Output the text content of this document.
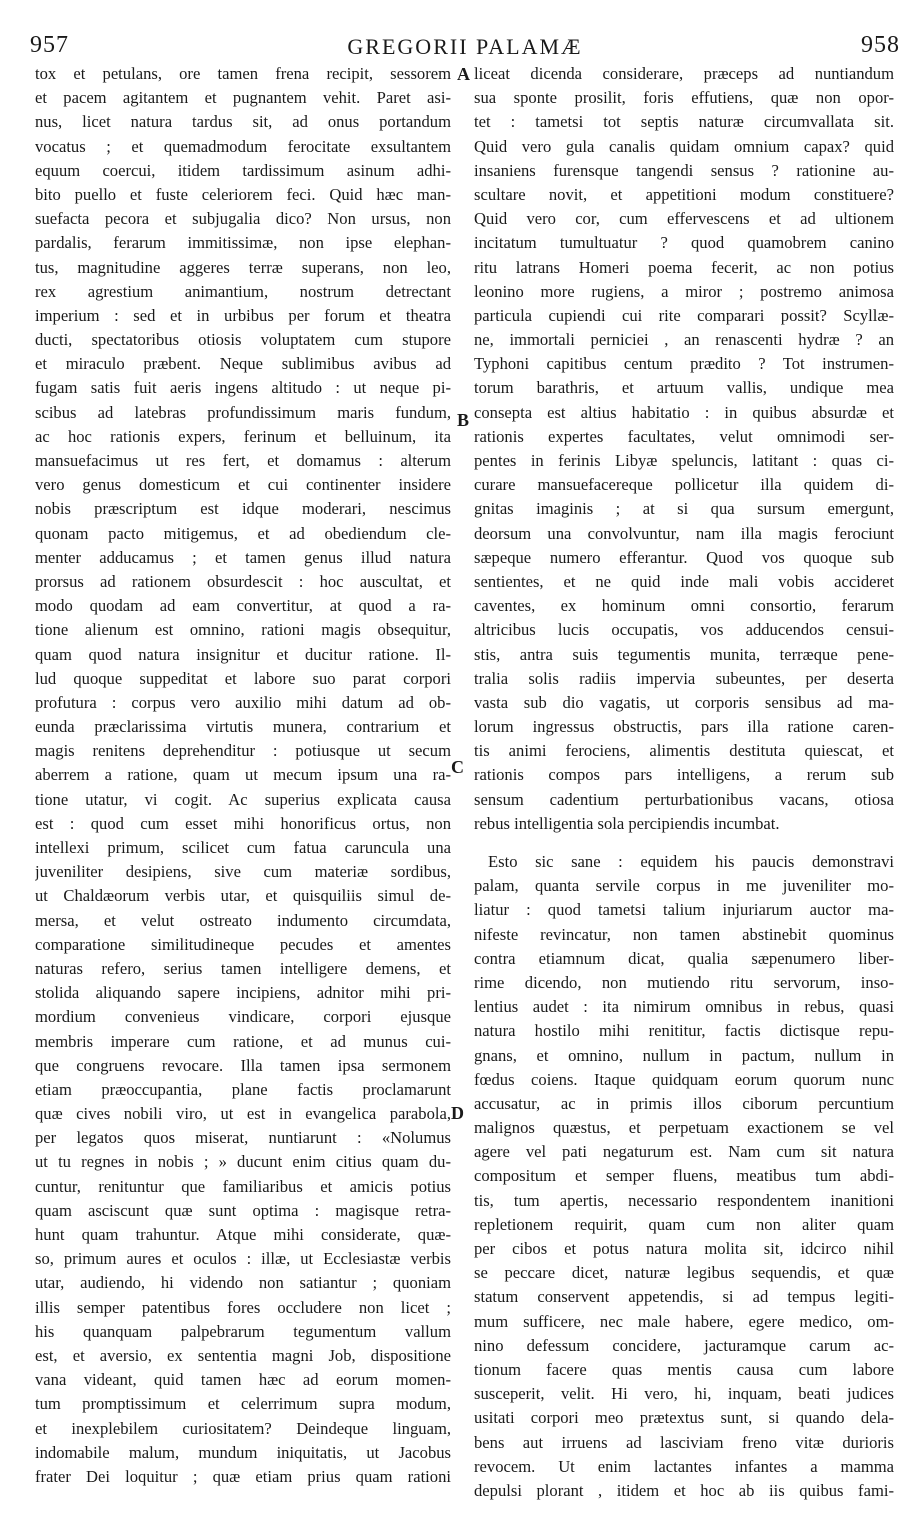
957	GREGORII PALAMÆ	958
tox et petulans, ore tamen frena recipit, sessorem
et pacem agitantem et pugnantem vehit. Paret asi-
nus, licet natura tardus sit, ad onus portandum
vocatus ; et quemadmodum ferocitate exsultantem
equum coercui, itidem tardissimum asinum adhi-
bito puello et fuste celeriorem feci. Quid hæc man-
suefacta pecora et subjugalia dico? Non ursus, non
pardalis, ferarum immitissimæ, non ipse elephan-
tus, magnitudine aggeres terræ superans, non leo,
rex agrestium animantium, nostrum detrectant
imperium : sed et in urbibus per forum et theatra
ducti, spectatoribus otiosis voluptatem cum stupore
et miraculo præbent. Neque sublimibus avibus ad
fugam satis fuit aeris ingens altitudo : ut neque pi-
scibus ad latebras profundissimum maris fundum,
ac hoc rationis expers, ferinum et belluinum, ita
mansuefacimus ut res fert, et domamus : alterum
vero genus domesticum et cui continenter insidere
nobis præscriptum est idque moderari, nescimus
quonam pacto mitigemus, et ad obediendum cle-
menter adducamus ; et tamen genus illud natura
prorsus ad rationem obsurdescit : hoc auscultat, et
modo quodam ad eam convertitur, at quod a ra-
tione alienum est omnino, rationi magis obsequitur,
quam quod natura insignitur et ducitur ratione. Il-
lud quoque suppeditat et labore suo parat corpori
profutura : corpus vero auxilio mihi datum ad ob-
eunda præclarissima virtutis munera, contrarium et
magis renitens deprehenditur : potiusque ut secum
aberrem a ratione, quam ut mecum ipsum una ra-
tione utatur, vi cogit. Ac superius explicata causa
est : quod cum esset mihi honorificus ortus, non
intellexi primum, scilicet cum fatua caruncula una
juveniliter desipiens, sive cum materiæ sordibus,
ut Chaldæorum verbis utar, et quisquiliis simul de-
mersa, et velut ostreato indumento circumdata,
comparatione similitudineque pecudes et amentes
naturas refero, serius tamen intelligere demens, et
stolida aliquando sapere incipiens, adnitor mihi pri-
mordium convenieus vindicare, corpori ejusque
membris imperare cum ratione, et ad munus cui-
que congruens revocare. Illa tamen ipsa sermonem
etiam præoccupantia, plane factis proclamarunt
quæ cives nobili viro, ut est in evangelica parabola,
per legatos quos miserat, nuntiarunt : «Nolumus
ut tu regnes in nobis ; » ducunt enim citius quam du-
cuntur, renituntur que familiaribus et amicis potius
quam asciscunt quæ sunt optima : magisque retra-
hunt quam trahuntur. Atque mihi considerate, quæ-
so, primum aures et oculos : illæ, ut Ecclesiastæ verbis
utar, audiendo, hi videndo non satiantur ; quoniam
illis semper patentibus fores occludere non licet ;
his quanquam palpebrarum tegumentum vallum
est, et aversio, ex sententia magni Job, dispositione
vana videant, quid tamen hæc ad eorum momen-
tum promptissimum et celerrimum supra modum,
et inexplebilem curiositatem? Deindeque linguam,
indomabile malum, mundum iniquitatis, ut Jacobus
frater Dei loquitur ; quæ etiam prius quam rationi
liceat dicenda considerare, præceps ad nuntiandum
sua sponte prosilit, foris effutiens, quæ non opor-
tet : tametsi tot septis naturæ circumvallata sit.
Quid vero gula canalis quidam omnium capax? quid
insaniens furensque tangendi sensus ? rationine au-
scultare novit, et appetitioni modum constituere?
Quid vero cor, cum effervescens et ad ultionem
incitatum tumultuatur ? quod quamobrem canino
ritu latrans Homeri poema fecerit, ac non potius
leonino more rugiens, a miror ; postremo animosa
particula cupiendi cui rite comparari possit? Scyllæ-
ne, immortali perniciei , an renascenti hydræ ? an
Typhoni capitibus centum prædito ? Tot instrumen-
torum barathris, et artuum vallis, undique mea
consepta est altius habitatio : in quibus absurdæ et
rationis expertes facultates, velut omnimodi ser-
pentes in ferinis Libyæ speluncis, latitant : quas ci-
curare mansuefacereque pollicetur illa quidem di-
gnitas imaginis ; at si qua sursum emergunt,
deorsum una convolvuntur, nam illa magis ferociunt
sæpeque numero efferantur. Quod vos quoque sub
sentientes, et ne quid inde mali vobis accideret
caventes, ex hominum omni consortio, ferarum
altricibus lucis occupatis, vos adducendos censui-
stis, antra suis tegumentis munita, terræque pene-
tralia solis radiis impervia subeuntes, per deserta
vasta sub dio vagatis, ut corporis sensibus ad ma-
lorum ingressus obstructis, pars illa ratione caren-
tis animi ferociens, alimentis destituta quiescat, et
rationis compos pars intelligens, a rerum sub
sensum cadentium perturbationibus vacans, otiosa
rebus intelligentia sola percipiendis incumbat.
Esto sic sane : equidem his paucis demonstravi
palam, quanta servile corpus in me juveniliter mo-
liatur : quod tametsi talium injuriarum auctor ma-
nifeste revincatur, non tamen abstinebit quominus
contra etiamnum dicat, qualia sæpenumero liber-
rime dicendo, non mutiendo ritu servorum, inso-
lentius audet : ita nimirum omnibus in rebus, quasi
natura hostilo mihi renititur, factis dictisque repu-
gnans, et omnino, nullum in pactum, nullum in
fœdus coiens. Itaque quidquam eorum quorum nunc
accusatur, ac in primis illos ciborum percuntium
malignos quæstus, et perpetuam exactionem se vel
agere vel pati negaturum est. Nam cum sit natura
compositum et semper fluens, meatibus tum abdi-
tis, tum apertis, necessario respondentem inanitioni
repletionem requirit, quam cum non aliter quam
per cibos et potus natura molita sit, idcirco nihil
se peccare dicet, naturæ legibus sequendis, et quæ
statum conservent appetendis, si ad tempus legiti-
mum sufficere, nec male habere, egere medico, om-
nino defessum concidere, jacturamque carum ac-
tionum facere quas mentis causa cum labore
susceperit, velit. Hi vero, hi, inquam, beati judices
usitati corpori meo prætextus sunt, si quando dela-
bens aut irruens ad lasciviam freno vitæ durioris
revocem. Ut enim lactantes infantes a mamma
depulsi plorant , itidem et hoc ab iis quibus fami-
A
B
C
D
